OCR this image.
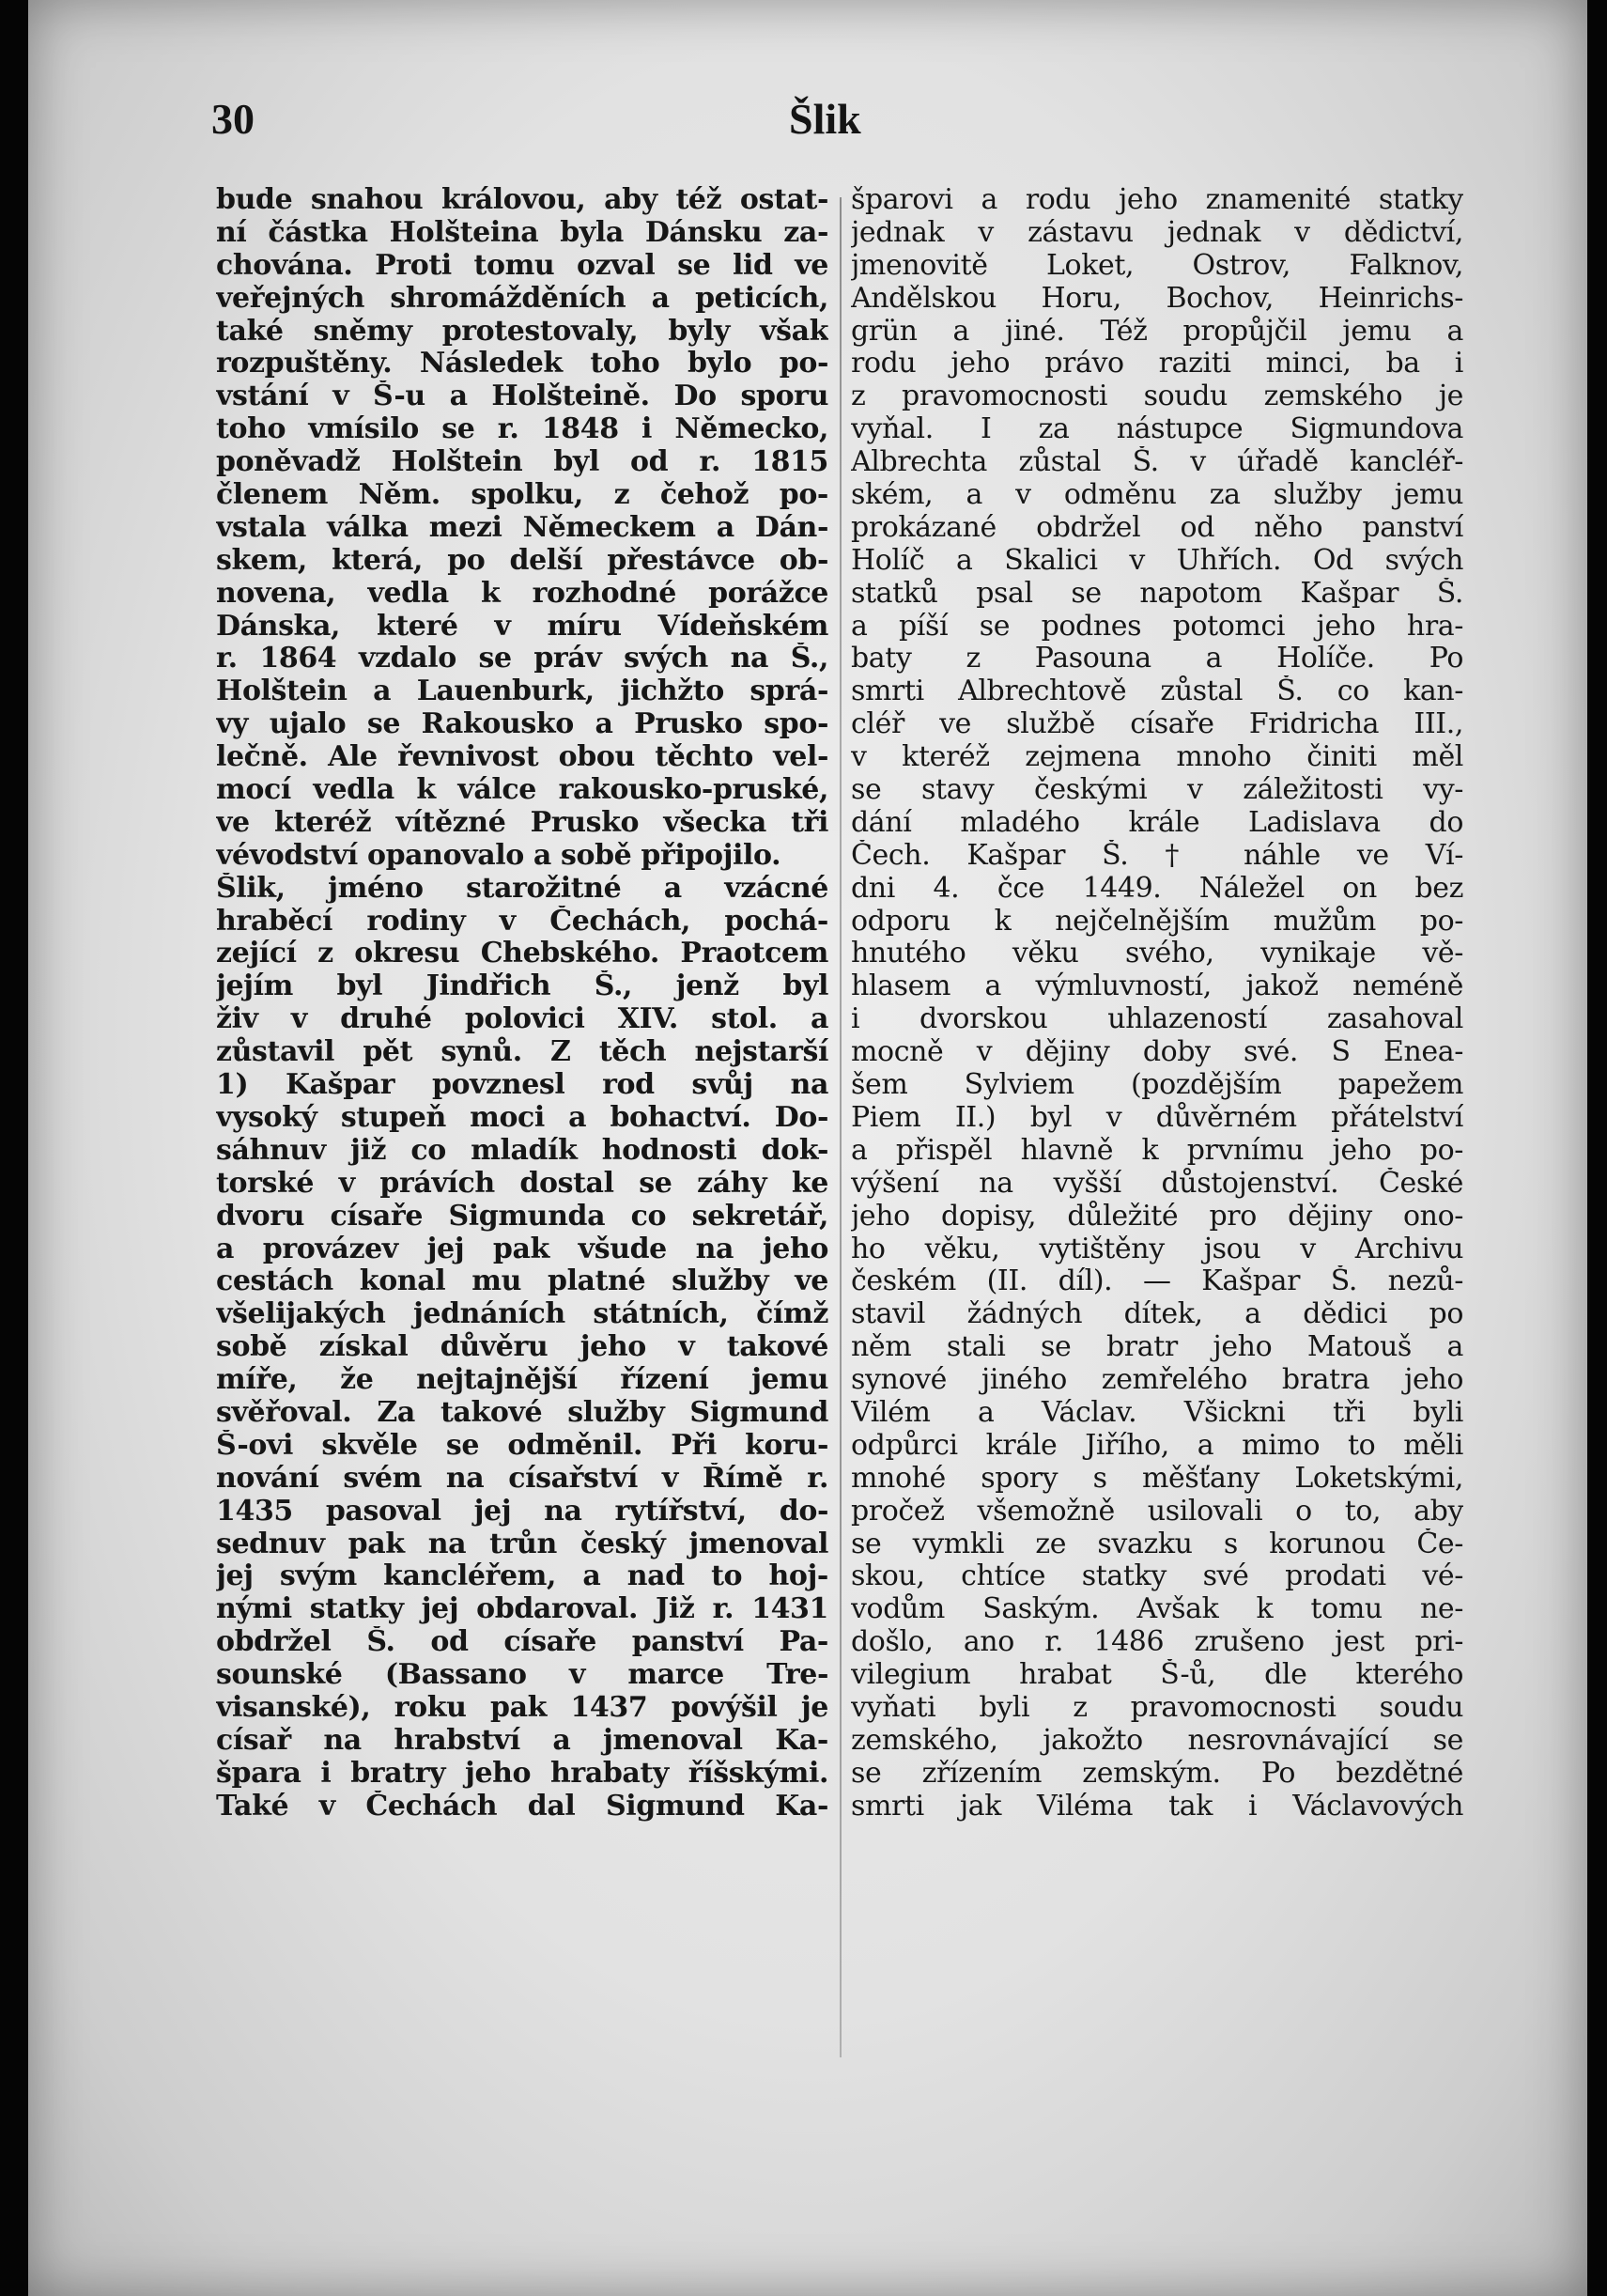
30	Šlik
bude snahou královou, aby též ostat-
ní částka Holšteina byla Dánsku za-
chována. Proti tomu ozval se lid ve
veřejných shromážděních a peticích,
také sněmy protestovaly, byly však
rozpuštěny. Následek toho bylo po-
vstání v Š-u a Holšteině. Do sporu
toho vmísilo se r. 1848 i Německo,
poněvadž Holštein byl od r. 1815
členem Něm. spolku, z čehož po-
vstala válka mezi Německem a Dán-
skem, která, po delší přestávce ob-
novena, vedla k rozhodné porážce
Dánska, které v míru Vídeňském
r. 1864 vzdalo se práv svých na Š.,
Holštein a Lauenburk, jichžto sprá-
vy ujalo se Rakousko a Prusko spo-
lečně. Ale řevnivost obou těchto vel-
mocí vedla k válce rakousko-pruské,
ve kteréž vítězné Prusko všecka tři
vévodství opanovalo a sobě připojilo.
Šlik, jméno starožitné a vzácné
hraběcí rodiny v Čechách, pochá-
zející z okresu Chebského. Praotcem
jejím byl Jindřich Š., jenž byl
živ v druhé polovici XIV. stol. a
zůstavil pět synů. Z těch nejstarší
1) Kašpar povznesl rod svůj na
vysoký stupeň moci a bohactví. Do-
sáhnuv již co mladík hodnosti dok-
torské v právích dostal se záhy ke
dvoru císaře Sigmunda co sekretář,
a provázev jej pak všude na jeho
cestách konal mu platné služby ve
všelijakých jednáních státních, čímž
sobě získal důvěru jeho v takové
míře, že nejtajnější řízení jemu
svěřoval. Za takové služby Sigmund
Š-ovi skvěle se odměnil. Při koru-
nování svém na císařství v Římě r.
1435 pasoval jej na rytířství, do-
sednuv pak na trůn český jmenoval
jej svým kancléřem, a nad to hoj-
nými statky jej obdaroval. Již r. 1431
obdržel Š. od císaře panství Pa-
sounské (Bassano v marce Tre-
visanské), roku pak 1437 povýšil je
císař na hrabství a jmenoval Ka-
špara i bratry jeho hrabaty říšskými.
Také v Čechách dal Sigmund Ka-
šparovi a rodu jeho znamenité statky
jednak v zástavu jednak v dědictví,
jmenovitě Loket, Ostrov, Falknov,
Andělskou Horu, Bochov, Heinrichs-
grün a jiné. Též propůjčil jemu a
rodu jeho právo raziti minci, ba i
z pravomocnosti soudu zemského je
vyňal. I za nástupce Sigmundova
Albrechta zůstal Š. v úřadě kancléř-
ském, a v odměnu za služby jemu
prokázané obdržel od něho panství
Holíč a Skalici v Uhřích. Od svých
statků psal se napotom Kašpar Š.
a píší se podnes potomci jeho hra-
baty z Pasouna a Holíče. Po
smrti Albrechtově zůstal Š. co kan-
cléř ve službě císaře Fridricha III.,
v kteréž zejmena mnoho činiti měl
se stavy českými v záležitosti vy-
dání mladého krále Ladislava do
Čech. Kašpar Š. † náhle ve Ví-
dni 4. čce 1449. Náležel on bez
odporu k nejčelnějším mužům po-
hnutého věku svého, vynikaje vě-
hlasem a výmluvností, jakož neméně
i dvorskou uhlazeností zasahoval
mocně v dějiny doby své. S Enea-
šem Sylviem (pozdějším papežem
Piem II.) byl v důvěrném přátelství
a přispěl hlavně k prvnímu jeho po-
výšení na vyšší důstojenství. České
jeho dopisy, důležité pro dějiny ono-
ho věku, vytištěny jsou v Archivu
českém (II. díl). — Kašpar Š. nezů-
stavil žádných dítek, a dědici po
něm stali se bratr jeho Matouš a
synové jiného zemřelého bratra jeho
Vilém a Václav. Všickni tři byli
odpůrci krále Jiřího, a mimo to měli
mnohé spory s měšťany Loketskými,
pročež všemožně usilovali o to, aby
se vymkli ze svazku s korunou Če-
skou, chtíce statky své prodati vé-
vodům Saským. Avšak k tomu ne-
došlo, ano r. 1486 zrušeno jest pri-
vilegium hrabat Š-ů, dle kterého
vyňati byli z pravomocnosti soudu
zemského, jakožto nesrovnávající se
se zřízením zemským. Po bezdětné
smrti jak Viléma tak i Václavových
